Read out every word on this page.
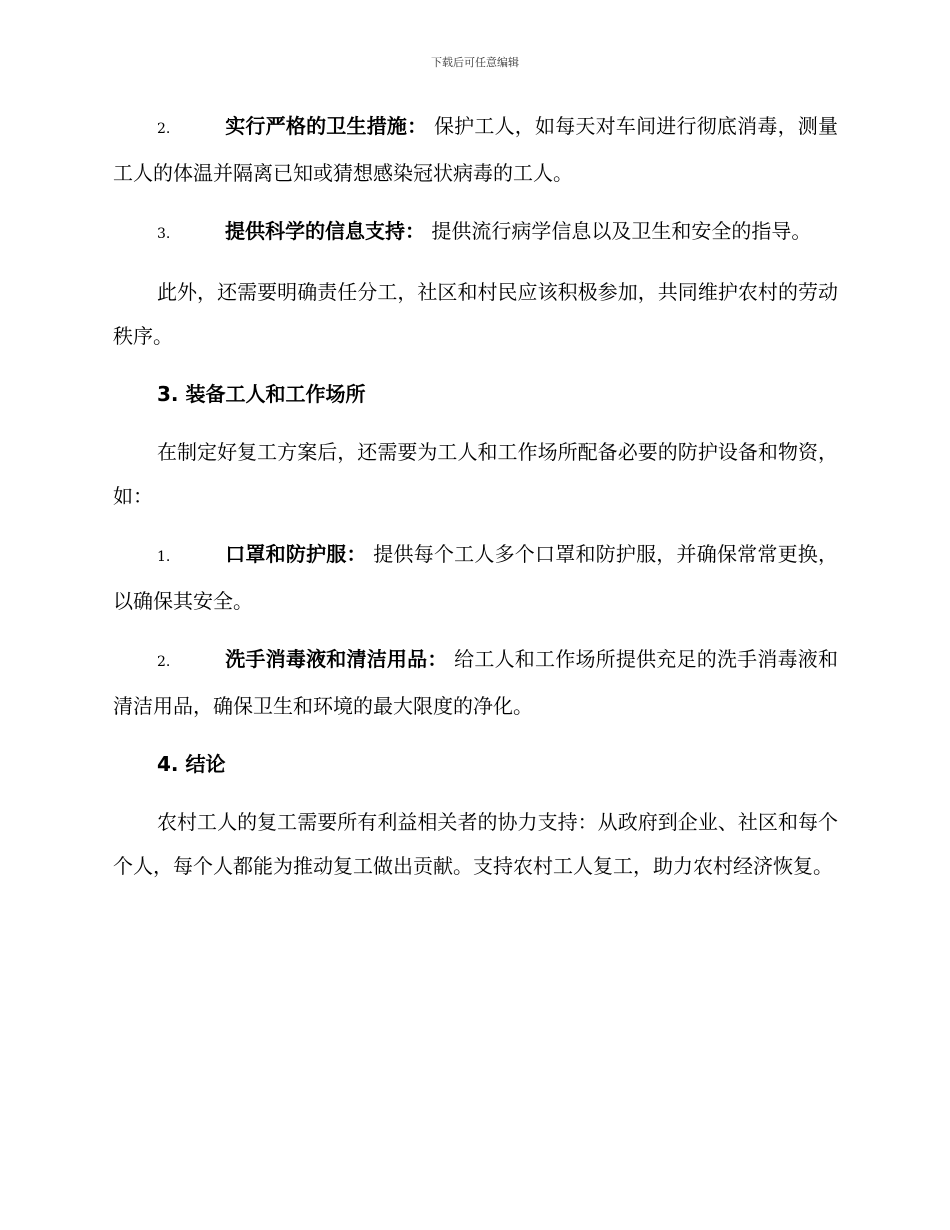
下载后可任意编辑

2.	实行严格的卫生措施： 保护工人，如每天对车间进行彻底消毒，测量工人的体温并隔离已知或猜想感染冠状病毒的工人。

3.	提供科学的信息支持： 提供流行病学信息以及卫生和安全的指导。

此外，还需要明确责任分工，社区和村民应该积极参加，共同维护农村的劳动秩序。

3. 装备工人和工作场所

在制定好复工方案后，还需要为工人和工作场所配备必要的防护设备和物资，如：

1.	口罩和防护服： 提供每个工人多个口罩和防护服，并确保常常更换，以确保其安全。

2.	洗手消毒液和清洁用品： 给工人和工作场所提供充足的洗手消毒液和清洁用品，确保卫生和环境的最大限度的净化。

4. 结论

农村工人的复工需要所有利益相关者的协力支持：从政府到企业、社区和每个个人，每个人都能为推动复工做出贡献。支持农村工人复工，助力农村经济恢复。
